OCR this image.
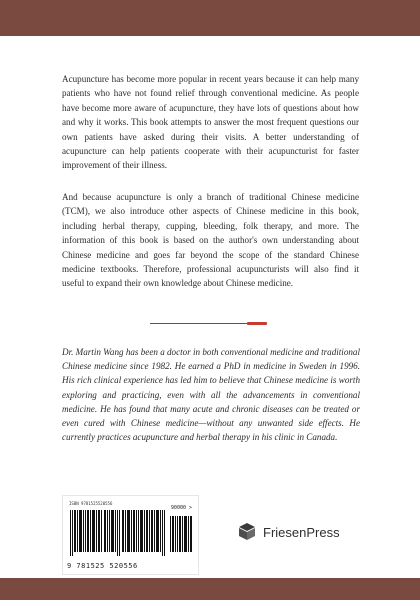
Acupuncture has become more popular in recent years because it can help many patients who have not found relief through conventional medicine. As people have become more aware of acupuncture, they have lots of questions about how and why it works. This book attempts to answer the most frequent questions our own patients have asked during their visits. A better understanding of acupuncture can help patients cooperate with their acupuncturist for faster improvement of their illness.

And because acupuncture is only a branch of traditional Chinese medicine (TCM), we also introduce other aspects of Chinese medicine in this book, including herbal therapy, cupping, bleeding, folk therapy, and more. The information of this book is based on the author's own understanding about Chinese medicine and goes far beyond the scope of the standard Chinese medicine textbooks. Therefore, professional acupuncturists will also find it useful to expand their own knowledge about Chinese medicine.

Dr. Martin Wang has been a doctor in both conventional medicine and traditional Chinese medicine since 1982. He earned a PhD in medicine in Sweden in 1996. His rich clinical experience has led him to believe that Chinese medicine is worth exploring and practicing, even with all the advancements in conventional medicine. He has found that many acute and chronic diseases can be treated or even cured with Chinese medicine—without any unwanted side effects. He currently practices acupuncture and herbal therapy in his clinic in Canada.

ISBN 9781525520556
90000 >
9 781525 520556
FriesenPress
